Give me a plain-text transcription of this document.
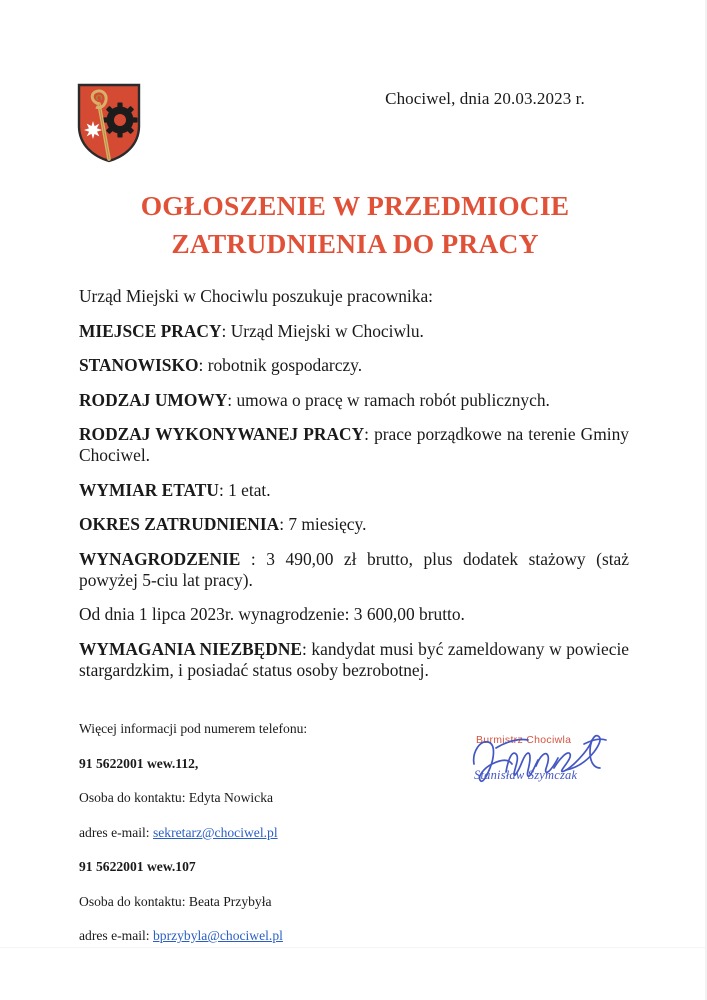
Chociwel, dnia 20.03.2023 r.
OGŁOSZENIE W PRZEDMIOCIE
ZATRUDNIENIA DO PRACY

Urząd Miejski w Chociwlu poszukuje pracownika:

MIEJSCE PRACY: Urząd Miejski w Chociwlu.

STANOWISKO: robotnik gospodarczy.

RODZAJ UMOWY: umowa o pracę w ramach robót publicznych.

RODZAJ WYKONYWANEJ PRACY: prace porządkowe na terenie Gminy Chociwel.

WYMIAR ETATU: 1 etat.

OKRES ZATRUDNIENIA: 7 miesięcy.

WYNAGRODZENIE : 3 490,00 zł brutto, plus dodatek stażowy (staż powyżej 5-ciu lat pracy).

Od dnia 1 lipca 2023r. wynagrodzenie: 3 600,00 brutto.

WYMAGANIA NIEZBĘDNE: kandydat musi być zameldowany w powiecie stargardzkim, i posiadać status osoby bezrobotnej.

Więcej informacji pod numerem telefonu:

91 5622001 wew.112,

Osoba do kontaktu: Edyta Nowicka

adres e-mail: sekretarz@chociwel.pl

91 5622001 wew.107

Osoba do kontaktu: Beata Przybyła

adres e-mail: bprzybyla@chociwel.pl

Burmistrz Chociwla
Stanisław Szymczak
